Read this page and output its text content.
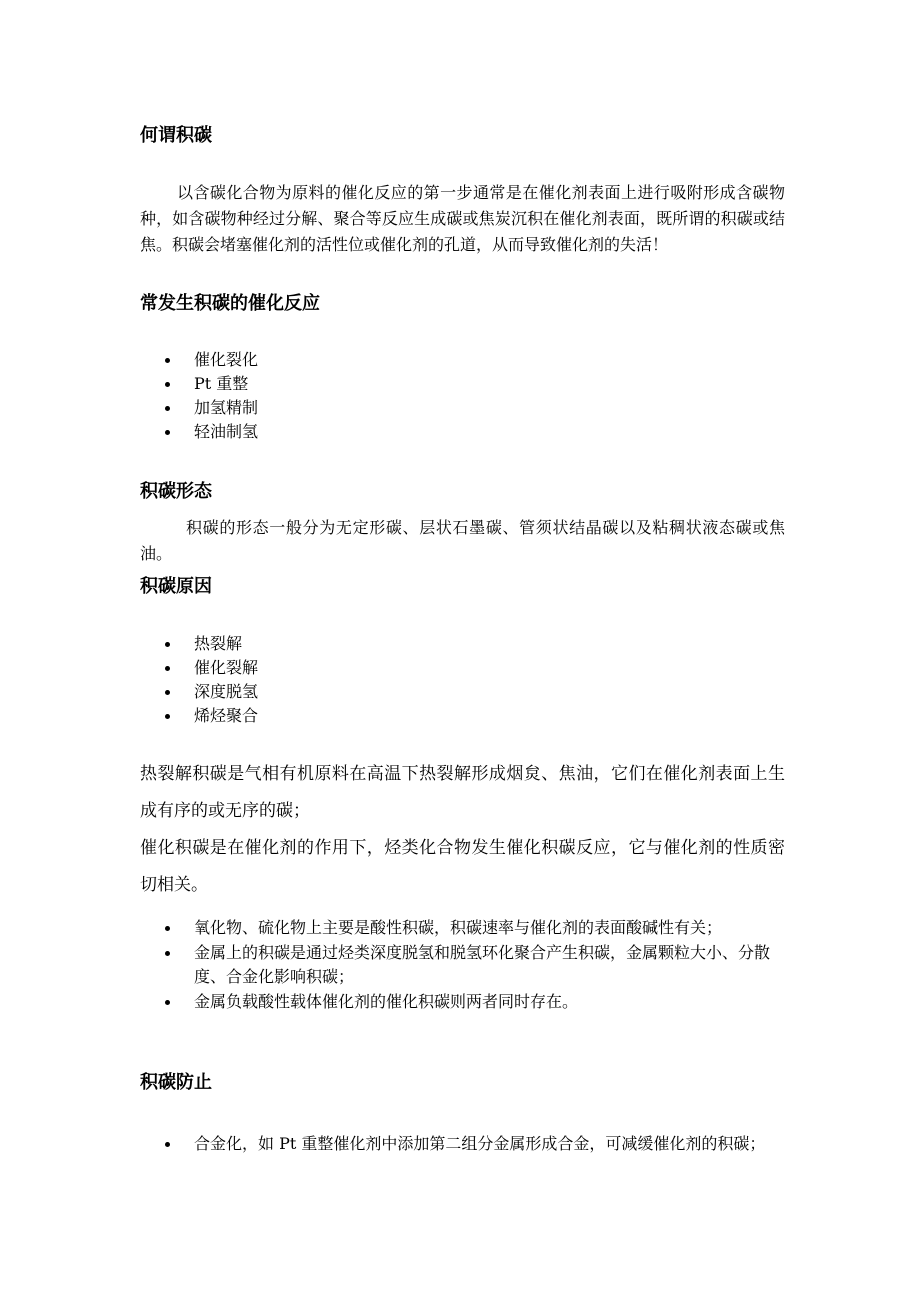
何谓积碳

以含碳化合物为原料的催化反应的第一步通常是在催化剂表面上进行吸附形成含碳物种，如含碳物种经过分解、聚合等反应生成碳或焦炭沉积在催化剂表面，既所谓的积碳或结焦。积碳会堵塞催化剂的活性位或催化剂的孔道，从而导致催化剂的失活！

常发生积碳的催化反应
催化裂化
Pt 重整
加氢精制
轻油制氢
积碳形态

积碳的形态一般分为无定形碳、层状石墨碳、管须状结晶碳以及粘稠状液态碳或焦油。

积碳原因
热裂解
催化裂解
深度脱氢
烯烃聚合

热裂解积碳是气相有机原料在高温下热裂解形成烟炱、焦油，它们在催化剂表面上生成有序的或无序的碳；

催化积碳是在催化剂的作用下，烃类化合物发生催化积碳反应，它与催化剂的性质密切相关。

氧化物、硫化物上主要是酸性积碳，积碳速率与催化剂的表面酸碱性有关；
金属上的积碳是通过烃类深度脱氢和脱氢环化聚合产生积碳，金属颗粒大小、分散度、合金化影响积碳；
金属负载酸性载体催化剂的催化积碳则两者同时存在。
积碳防止
合金化，如 Pt 重整催化剂中添加第二组分金属形成合金，可减缓催化剂的积碳；
